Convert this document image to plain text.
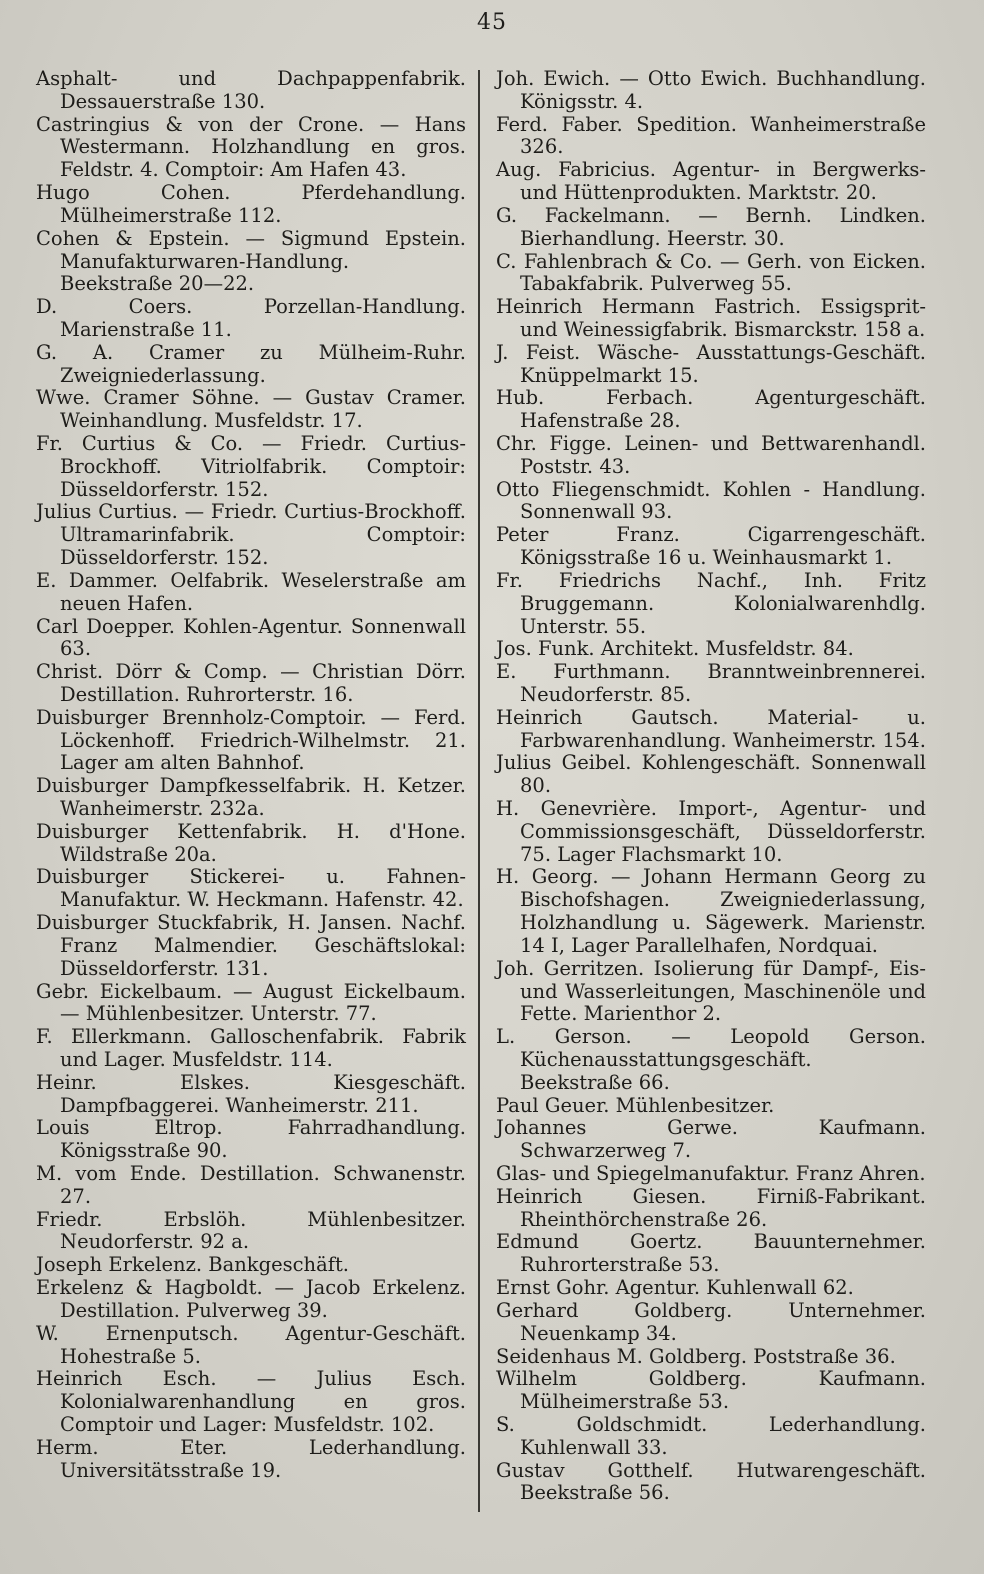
45
Asphalt- und Dachpappenfabrik. Dessauerstraße 130.
Castringius & von der Crone. — Hans Westermann. Holzhandlung en gros. Feldstr. 4. Comptoir: Am Hafen 43.
Hugo Cohen. Pferdehandlung. Mülheimerstraße 112.
Cohen & Epstein. — Sigmund Epstein. Manufakturwaren-Handlung. Beekstraße 20—22.
D. Coers. Porzellan-Handlung. Marienstraße 11.
G. A. Cramer zu Mülheim-Ruhr. Zweigniederlassung.
Wwe. Cramer Söhne. — Gustav Cramer. Weinhandlung. Musfeldstr. 17.
Fr. Curtius & Co. — Friedr. Curtius-Brockhoff. Vitriolfabrik. Comptoir: Düsseldorferstr. 152.
Julius Curtius. — Friedr. Curtius-Brockhoff. Ultramarinfabrik. Comptoir: Düsseldorferstr. 152.
E. Dammer. Oelfabrik. Weselerstraße am neuen Hafen.
Carl Doepper. Kohlen-Agentur. Sonnenwall 63.
Christ. Dörr & Comp. — Christian Dörr. Destillation. Ruhrorterstr. 16.
Duisburger Brennholz-Comptoir. — Ferd. Löckenhoff. Friedrich-Wilhelmstr. 21. Lager am alten Bahnhof.
Duisburger Dampfkesselfabrik. H. Ketzer. Wanheimerstr. 232a.
Duisburger Kettenfabrik. H. d'Hone. Wildstraße 20a.
Duisburger Stickerei- u. Fahnen-Manufaktur. W. Heckmann. Hafenstr. 42.
Duisburger Stuckfabrik, H. Jansen. Nachf. Franz Malmendier. Geschäftslokal: Düsseldorferstr. 131.
Gebr. Eickelbaum. — August Eickelbaum. — Mühlenbesitzer. Unterstr. 77.
F. Ellerkmann. Galloschenfabrik. Fabrik und Lager. Musfeldstr. 114.
Heinr. Elskes. Kiesgeschäft. Dampfbaggerei. Wanheimerstr. 211.
Louis Eltrop. Fahrradhandlung. Königsstraße 90.
M. vom Ende. Destillation. Schwanenstr. 27.
Friedr. Erbslöh. Mühlenbesitzer. Neudorferstr. 92 a.
Joseph Erkelenz. Bankgeschäft.
Erkelenz & Hagboldt. — Jacob Erkelenz. Destillation. Pulverweg 39.
W. Ernenputsch. Agentur-Geschäft. Hohestraße 5.
Heinrich Esch. — Julius Esch. Kolonialwarenhandlung en gros. Comptoir und Lager: Musfeldstr. 102.
Herm. Eter. Lederhandlung. Universitätsstraße 19.
Joh. Ewich. — Otto Ewich. Buchhandlung. Königsstr. 4.
Ferd. Faber. Spedition. Wanheimerstraße 326.
Aug. Fabricius. Agentur- in Bergwerks- und Hüttenprodukten. Marktstr. 20.
G. Fackelmann. — Bernh. Lindken. Bierhandlung. Heerstr. 30.
C. Fahlenbrach & Co. — Gerh. von Eicken. Tabakfabrik. Pulverweg 55.
Heinrich Hermann Fastrich. Essigsprit- und Weinessigfabrik. Bismarckstr. 158 a.
J. Feist. Wäsche- Ausstattungs-Geschäft. Knüppelmarkt 15.
Hub. Ferbach. Agenturgeschäft. Hafenstraße 28.
Chr. Figge. Leinen- und Bettwarenhandl. Poststr. 43.
Otto Fliegenschmidt. Kohlen - Handlung. Sonnenwall 93.
Peter Franz. Cigarrengeschäft. Königsstraße 16 u. Weinhausmarkt 1.
Fr. Friedrichs Nachf., Inh. Fritz Bruggemann. Kolonialwarenhdlg. Unterstr. 55.
Jos. Funk. Architekt. Musfeldstr. 84.
E. Furthmann. Branntweinbrennerei. Neudorferstr. 85.
Heinrich Gautsch. Material- u. Farbwarenhandlung. Wanheimerstr. 154.
Julius Geibel. Kohlengeschäft. Sonnenwall 80.
H. Genevrière. Import-, Agentur- und Commissionsgeschäft, Düsseldorferstr. 75. Lager Flachsmarkt 10.
H. Georg. — Johann Hermann Georg zu Bischofshagen. Zweigniederlassung, Holzhandlung u. Sägewerk. Marienstr. 14 I, Lager Parallelhafen, Nordquai.
Joh. Gerritzen. Isolierung für Dampf-, Eis- und Wasserleitungen, Maschinenöle und Fette. Marienthor 2.
L. Gerson. — Leopold Gerson. Küchenausstattungsgeschäft. Beekstraße 66.
Paul Geuer. Mühlenbesitzer.
Johannes Gerwe. Kaufmann. Schwarzerweg 7.
Glas- und Spiegelmanufaktur. Franz Ahren.
Heinrich Giesen. Firniß-Fabrikant. Rheinthörchenstraße 26.
Edmund Goertz. Bauunternehmer. Ruhrorterstraße 53.
Ernst Gohr. Agentur. Kuhlenwall 62.
Gerhard Goldberg. Unternehmer. Neuenkamp 34.
Seidenhaus M. Goldberg. Poststraße 36.
Wilhelm Goldberg. Kaufmann. Mülheimerstraße 53.
S. Goldschmidt. Lederhandlung. Kuhlenwall 33.
Gustav Gotthelf. Hutwarengeschäft. Beekstraße 56.
